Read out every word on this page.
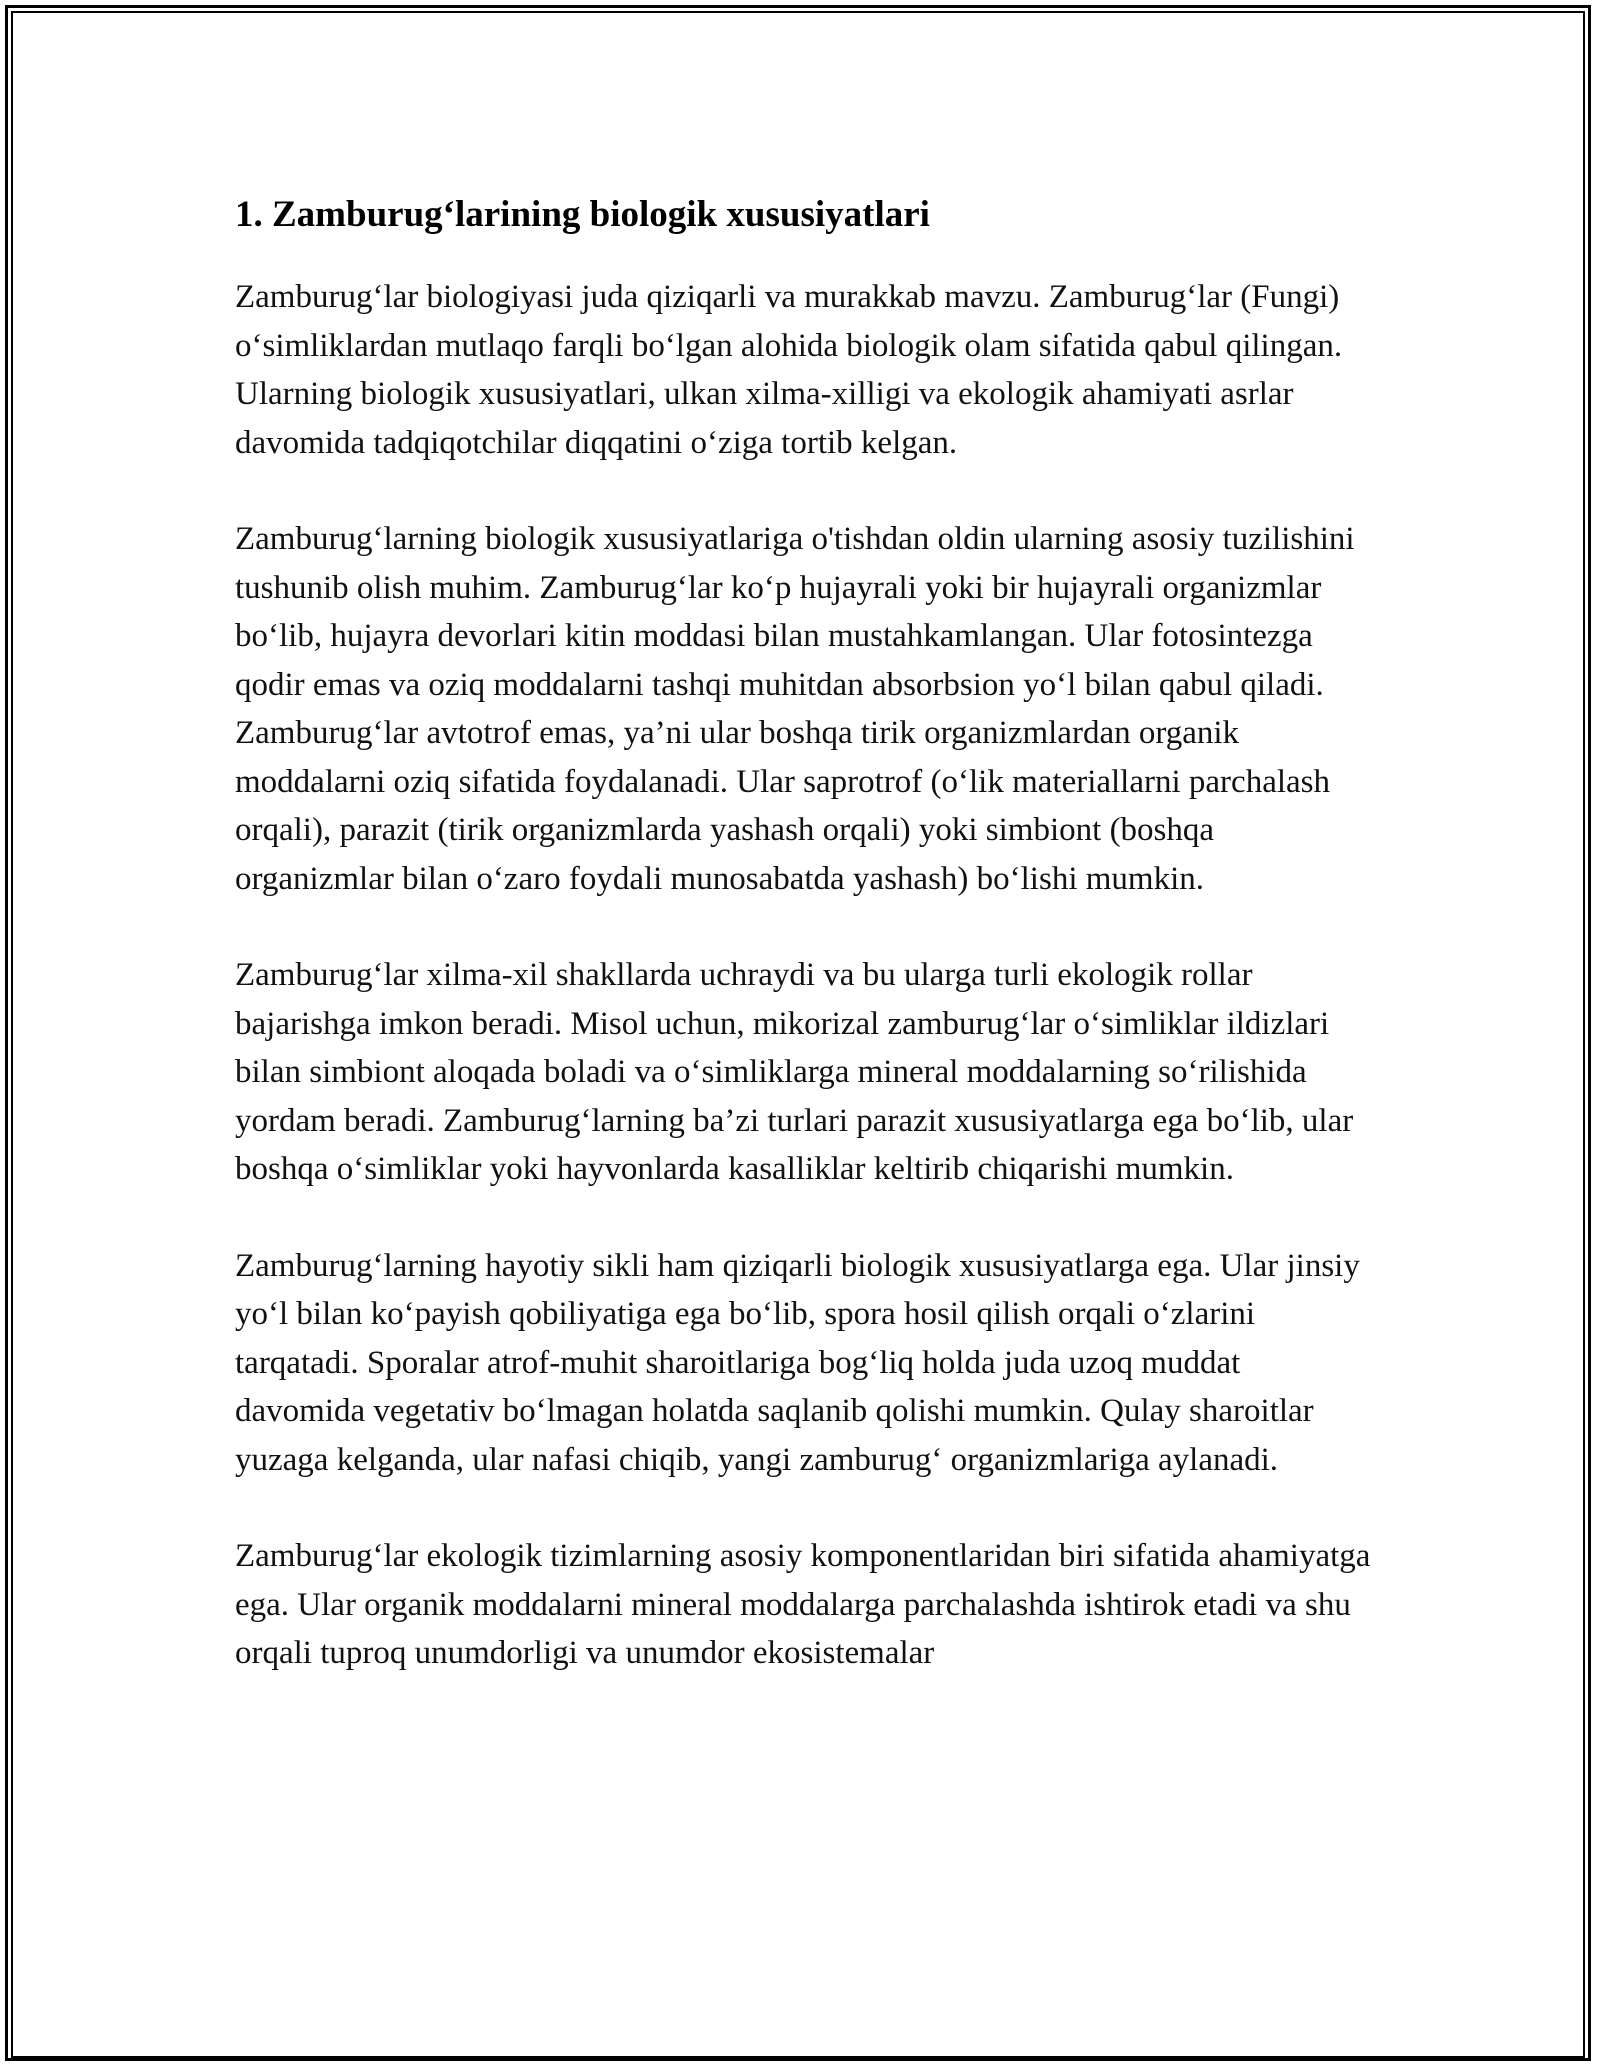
1. Zamburug‘larining biologik xususiyatlari

Zamburug‘lar biologiyasi juda qiziqarli va murakkab mavzu. Zamburug‘lar (Fungi) o‘simliklardan mutlaqo farqli bo‘lgan alohida biologik olam sifatida qabul qilingan. Ularning biologik xususiyatlari, ulkan xilma-xilligi va ekologik ahamiyati asrlar davomida tadqiqotchilar diqqatini o‘ziga tortib kelgan.

Zamburug‘larning biologik xususiyatlariga o'tishdan oldin ularning asosiy tuzilishini tushunib olish muhim. Zamburug‘lar ko‘p hujayrali yoki bir hujayrali organizmlar bo‘lib, hujayra devorlari kitin moddasi bilan mustahkamlangan. Ular fotosintezga qodir emas va oziq moddalarni tashqi muhitdan absorbsion yo‘l bilan qabul qiladi. Zamburug‘lar avtotrof emas, ya’ni ular boshqa tirik organizmlardan organik moddalarni oziq sifatida foydalanadi. Ular saprotrof (o‘lik materiallarni parchalash orqali), parazit (tirik organizmlarda yashash orqali) yoki simbiont (boshqa organizmlar bilan o‘zaro foydali munosabatda yashash) bo‘lishi mumkin.

Zamburug‘lar xilma-xil shakllarda uchraydi va bu ularga turli ekologik rollar bajarishga imkon beradi. Misol uchun, mikorizal zamburug‘lar o‘simliklar ildizlari bilan simbiont aloqada boladi va o‘simliklarga mineral moddalarning so‘rilishida yordam beradi. Zamburug‘larning ba’zi turlari parazit xususiyatlarga ega bo‘lib, ular boshqa o‘simliklar yoki hayvonlarda kasalliklar keltirib chiqarishi mumkin.

Zamburug‘larning hayotiy sikli ham qiziqarli biologik xususiyatlarga ega. Ular jinsiy yo‘l bilan ko‘payish qobiliyatiga ega bo‘lib, spora hosil qilish orqali o‘zlarini tarqatadi. Sporalar atrof-muhit sharoitlariga bog‘liq holda juda uzoq muddat davomida vegetativ bo‘lmagan holatda saqlanib qolishi mumkin. Qulay sharoitlar yuzaga kelganda, ular nafasi chiqib, yangi zamburug‘ organizmlariga aylanadi.

Zamburug‘lar ekologik tizimlarning asosiy komponentlaridan biri sifatida ahamiyatga ega. Ular organik moddalarni mineral moddalarga parchalashda ishtirok etadi va shu orqali tuproq unumdorligi va unumdor ekosistemalar
